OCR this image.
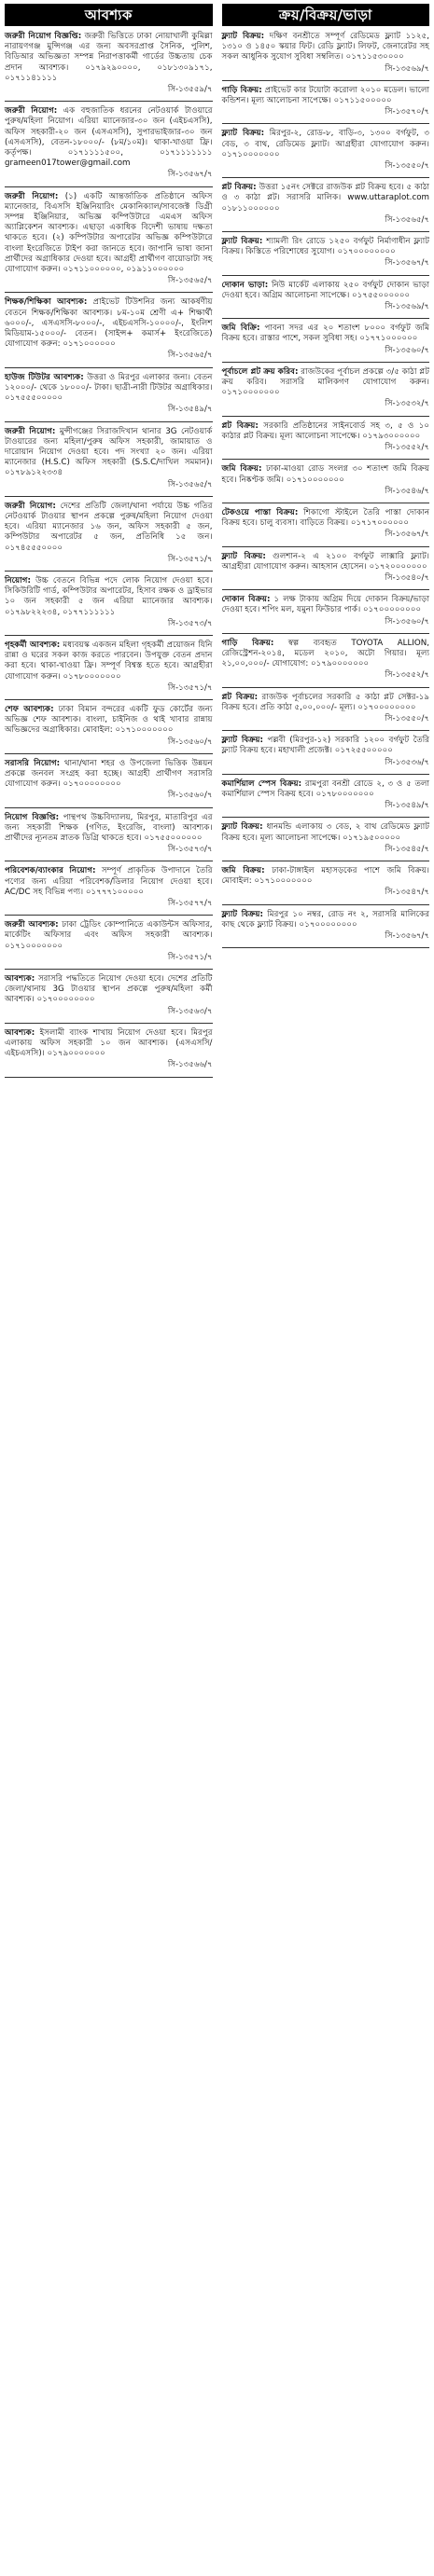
আবশ্যক
জরুরী নিয়োগ বিজ্ঞপ্তি: জরুরী ভিত্তিতে ঢাকা নোয়াখালী কুমিল্লা নারায়ণগঞ্জ মুন্সিগঞ্জ এর জন্য অবসরপ্রাপ্ত সৈনিক, পুলিশ, বিডিআর অভিজ্ঞতা সম্পন্ন নিরাপত্তাকর্মী গার্ডের উচ্চতায় চেক প্রদান আবশ্যক। ০১৭৯২৯০০০০, ০১৮১৩০৯১৭১, ০১৭১১৪১১১১
সি-১৩৫৫৯/৭
জরুরী নিয়োগ: এক বহুজাতিক ধরনের নেটওয়ার্ক টাওয়ারে পুরুষ/মহিলা নিয়োগ। এরিয়া ম্যানেজার-৩০ জন (এইচএসসি), অফিস সহকারী-২০ জন (এসএসসি), সুপারভাইজার-৩০ জন (এসএসসি), বেতন-১৮০০০/- (৮ম/১০ম)। থাকা-খাওয়া ফ্রি। কর্তৃপক্ষ। ০১৭১১১১৫০০, ০১৭১১১১১১১ grameen017tower@gmail.com
সি-১৩৫৬৭/৭
জরুরী নিয়োগ: (১) একটি আন্তর্জাতিক প্রতিষ্ঠানে অফিস ম্যানেজার, বিএসসি ইঞ্জিনিয়ারিং মেকানিক্যাল/সাবজেক্ট ডিগ্রী সম্পন্ন ইঞ্জিনিয়ার, অভিজ্ঞ কম্পিউটারে এমএস অফিস অ্যাপ্লিকেশন আবশ্যক। এছাড়া একাধিক বিদেশী ভাষায় দক্ষতা থাকতে হবে। (২) কম্পিউটার অপারেটর অভিজ্ঞ কম্পিউটারে বাংলা ইংরেজিতে টাইপ করা জানতে হবে। জাপানি ভাষা জানা প্রার্থীদের অগ্রাধিকার দেওয়া হবে। আগ্রহী প্রার্থীগণ বায়োডাটা সহ যোগাযোগ করুন। ০১৭১১০০০০০০, ০১৯১১০০০০০০
সি-১৩৫৬৫/৭
শিক্ষক/শিক্ষিকা আবশ্যক: প্রাইভেট টিউশনির জন্য আকর্ষণীয় বেতনে শিক্ষক/শিক্ষিকা আবশ্যক। ৮ম-১০ম শ্রেণী এ+ শিক্ষার্থী ৬০০০/-, এসএসসি-৮০০০/-, এইচএসসি-১০০০০/-, ইংলিশ মিডিয়াম-১৫০০০/- বেতন। (সাইন্স+ কমার্স+ ইংরেজিতে) যোগাযোগ করুন: ০১৭১০০০০০০
সি-১৩৫৬৫/৭
হাউজ টিউটর আবশ্যক: উত্তরা ও মিরপুর এলাকার জন্য। বেতন ১২০০০/- থেকে ১৮০০০/- টাকা। ছাত্রী-নারী টিউটর অগ্রাধিকার। ০১৭৫৫৫০০০০০
সি-১৩৫৪৯/৭
জরুরী নিয়োগ: মুন্সীগঞ্জের সিরাজদিখান থানার 3G নেটওয়ার্ক টাওয়ারের জন্য মহিলা/পুরুষ অফিস সহকারী, জামায়াত ও দারোয়ান নিয়োগ দেওয়া হবে। পদ সংখ্যা ২০ জন। এরিয়া ম্যানেজার (H.S.C) অফিস সহকারী (S.S.C/দাখিল সমমান)। ০১৭৮৯১২২৩৩৪
সি-১৩৫৬৫/৭
জরুরী নিয়োগ: দেশের প্রতিটি জেলা/থানা পর্যায়ে উচ্চ গতির নেটওয়ার্ক টাওয়ার স্থাপন প্রকল্পে পুরুষ/মহিলা নিয়োগ দেওয়া হবে। এরিয়া ম্যানেজার ১৬ জন, অফিস সহকারী ৫ জন, কম্পিউটার অপারেটর ৫ জন, প্রতিনিধি ১৫ জন। ০১৭৪৫৫৫০০০০
সি-১৩৫৭১/৭
নিয়োগ: উচ্চ বেতনে বিভিন্ন পদে লোক নিয়োগ দেওয়া হবে। সিকিউরিটি গার্ড, কম্পিউটার অপারেটর, হিসাব রক্ষক ও ড্রাইভার ১০ জন সহকারী ৫ জন এরিয়া ম্যানেজার আবশ্যক। ০১৭৯৮২২২৩৪, ০১৭৭১১১১১১
সি-১৩৫৭৩/৭
গৃহকর্মী আবশ্যক: মধ্যবয়স্ক একজন মহিলা গৃহকর্মী প্রয়োজন যিনি রান্না ও ঘরের সকল কাজ করতে পারবেন। উপযুক্ত বেতন প্রদান করা হবে। থাকা-খাওয়া ফ্রি। সম্পূর্ণ বিশ্বস্ত হতে হবে। আগ্রহীরা যোগাযোগ করুন। ০১৭৮০০০০০০০
সি-১৩৫৭১/৭
শেফ আবশ্যক: ঢাকা বিমান বন্দরের একটি ফুড কোর্টের জন্য অভিজ্ঞ শেফ আবশ্যক। বাংলা, চাইনিজ ও থাই খাবার রান্নায় অভিজ্ঞদের অগ্রাধিকার। মোবাইল: ০১৭১০০০০০০০
সি-১৩৫৬০/৭
সরাসরি নিয়োগ: থানা/থানা শহর ও উপজেলা ভিত্তিক উন্নয়ন প্রকল্পে জনবল সংগ্রহ করা হচ্ছে। আগ্রহী প্রার্থীগণ সরাসরি যোগাযোগ করুন। ০১৭০০০০০০০০
সি-১৩৫৬০/৭
নিয়োগ বিজ্ঞপ্তি: পান্থপথ উচ্চবিদ্যালয়, মিরপুর, মাতারিপুর এর জন্য সহকারী শিক্ষক (গণিত, ইংরেজি, বাংলা) আবশ্যক। প্রার্থীদের ন্যূনতম স্নাতক ডিগ্রি থাকতে হবে। ০১৭৫৫০০০০০০
সি-১৩৫৭৩/৭
পরিবেশক/ব্যাংকার নিয়োগ: সম্পূর্ণ প্রাকৃতিক উপাদানে তৈরি পণ্যের জন্য এরিয়া পরিবেশক/ডিলার নিয়োগ দেওয়া হবে। AC/DC সহ বিভিন্ন পণ্য। ০১৭৭৭১০০০০০
সি-১৩৫৭৭/৭
জরুরী আবশ্যক: ঢাকা ট্রেডিং কোম্পানিতে একাউন্টস অফিসার, মার্কেটিং অফিসার এবং অফিস সহকারী আবশ্যক। ০১৭১০০০০০০০
সি-১৩৫৭১/৭
আবশ্যক: সরাসরি পদ্ধতিতে নিয়োগ দেওয়া হবে। দেশের প্রতিটি জেলা/থানায় 3G টাওয়ার স্থাপন প্রকল্পে পুরুষ/মহিলা কর্মী আবশ্যক। ০১৭০০০০০০০০
সি-১৩৫৬৩/৭
আবশ্যক: ইসলামী ব্যাংক শাখায় নিয়োগ দেওয়া হবে। মিরপুর এলাকায় অফিস সহকারী ১০ জন আবশ্যক। (এসএসসি/এইচএসসি)। ০১৭৯০০০০০০০
সি-১৩৫৬৬/৭
ক্রয়/বিক্রয়/ভাড়া
ফ্ল্যাট বিক্রয়: দক্ষিণ বনশ্রীতে সম্পূর্ণ রেডিমেড ফ্ল্যাট ১১২৫, ১৩১০ ও ১৪৫০ স্কয়ার ফিট। রেডি ফ্ল্যাট। লিফট, জেনারেটর সহ সকল আধুনিক সুযোগ সুবিধা সম্বলিত। ০১৭১১৫৩০০০০
সি-১৩৫৬৯/৭
গাড়ি বিক্রয়: প্রাইভেট কার টয়োটা করোলা ২০১০ মডেল। ভালো কন্ডিশন। মূল্য আলোচনা সাপেক্ষে। ০১৭১১৫০০০০০
সি-১৩৫৭০/৭
ফ্ল্যাট বিক্রয়: মিরপুর-২, রোড-৮, বাড়ি-৩, ১৩০০ বর্গফুট, ৩ বেড, ৩ বাথ, রেডিমেড ফ্ল্যাট। আগ্রহীরা যোগাযোগ করুন। ০১৭১০০০০০০০
সি-১৩৫৫০/৭
প্লট বিক্রয়: উত্তরা ১৫নং সেক্টরে রাজউক প্লট বিক্রয় হবে। ৫ কাঠা ও ৩ কাঠা প্লট। সরাসরি মালিক। www.uttaraplot.com ০১৮১১০০০০০০
সি-১৩৫৬৫/৭
ফ্ল্যাট বিক্রয়: শ্যামলী রিং রোডে ১২৫০ বর্গফুট নির্মাণাধীন ফ্ল্যাট বিক্রয়। কিস্তিতে পরিশোধের সুযোগ। ০১৭০০০০০০০০
সি-১৩৫৬৭/৭
দোকান ভাড়া: নিউ মার্কেট এলাকায় ২৫০ বর্গফুট দোকান ভাড়া দেওয়া হবে। অগ্রিম আলোচনা সাপেক্ষে। ০১৭৫৫০০০০০০
সি-১৩৫৬৯/৭
জমি বিক্রি: পাবনা সদর এর ২০ শতাংশ ৮০০০ বর্গফুট জমি বিক্রয় হবে। রাস্তার পাশে, সকল সুবিধা সহ। ০১৭৭১০০০০০০
সি-১৩৫৬০/৭
পূর্বাচলে প্লট ক্রয় করিব: রাজউকের পূর্বাচল প্রকল্পে ৩/৫ কাঠা প্লট ক্রয় করিব। সরাসরি মালিকগণ যোগাযোগ করুন। ০১৭১০০০০০০০
সি-১৩৫৩২/৭
প্লট বিক্রয়: সরকারি প্রতিষ্ঠানের সাইনবোর্ড সহ ৩, ৫ ও ১০ কাঠার প্লট বিক্রয়। মূল্য আলোচনা সাপেক্ষে। ০১৭৯৩০০০০০০
সি-১৩৫৫২/৭
জমি বিক্রয়: ঢাকা-মাওয়া রোড সংলগ্ন ৩০ শতাংশ জমি বিক্রয় হবে। নিষ্কণ্টক জমি। ০১৭১০০০০০০০
সি-১৩৫৪৬/৭
টেকওয়ে পাস্তা বিক্রয়: শিকাগো স্টাইলে তৈরি পাস্তা দোকান বিক্রয় হবে। চালু ব্যবসা। বাড়িতে বিক্রয়। ০১৭১৭০০০০০০
সি-১৩৫৬৭/৭
ফ্ল্যাট বিক্রয়: গুলশান-২ এ ২১০০ বর্গফুট লাক্সারি ফ্ল্যাট। আগ্রহীরা যোগাযোগ করুন। আহসান হোসেন। ০১৭২০০০০০০০
সি-১৩৫৪০/৭
দোকান বিক্রয়: ১ লক্ষ টাকায় অগ্রিম দিয়ে দোকান বিক্রয়/ভাড়া দেওয়া হবে। শপিং মল, যমুনা ফিউচার পার্ক। ০১৭০০০০০০০০
সি-১৩৫৬০/৭
গাড়ি বিক্রয়: স্বল্প ব্যবহৃত TOYOTA ALLION, রেজিস্ট্রেশন-২০১৪, মডেল ২০১০, অটো গিয়ার। মূল্য ২১,০০,০০০/- যোগাযোগ: ০১৭৯০০০০০০০
সি-১৩৫৫২/৭
প্লট বিক্রয়: রাজউক পূর্বাচলের সরকারি ৫ কাঠা প্লট সেক্টর-১৯ বিক্রয় হবে। প্রতি কাঠা ৫,০০,০০০/- মূল্য। ০১৭০০০০০০০০
সি-১৩৫৫০/৭
ফ্ল্যাট বিক্রয়: পল্লবী (মিরপুর-১২) সরকারি ১২০০ বর্গফুট তৈরি ফ্ল্যাট বিক্রয় হবে। মহাখালী প্রজেক্ট। ০১৭২৫৫০০০০০
সি-১৩৫৩৬/৭
কমার্শিয়াল স্পেস বিক্রয়: রামপুরা বনশ্রী রোডে ২, ৩ ও ৫ তলা কমার্শিয়াল স্পেস বিক্রয় হবে। ০১৭৮০০০০০০০
সি-১৩৫৪৯/৭
ফ্ল্যাট বিক্রয়: ধানমন্ডি এলাকায় ৩ বেড, ২ বাথ রেডিমেড ফ্ল্যাট বিক্রয় হবে। মূল্য আলোচনা সাপেক্ষে। ০১৭১৯৫০০০০০
সি-১৩৫৪৫/৭
জমি বিক্রয়: ঢাকা-টাঙ্গাইল মহাসড়কের পাশে জমি বিক্রয়। মোবাইল: ০১৭১০০০০০০০
সি-১৩৫৪৭/৭
ফ্ল্যাট বিক্রয়: মিরপুর ১০ নম্বর, রোড নং ২, সরাসরি মালিকের কাছ থেকে ফ্ল্যাট বিক্রয়। ০১৭০০০০০০০০
সি-১৩৫৬৭/৭
